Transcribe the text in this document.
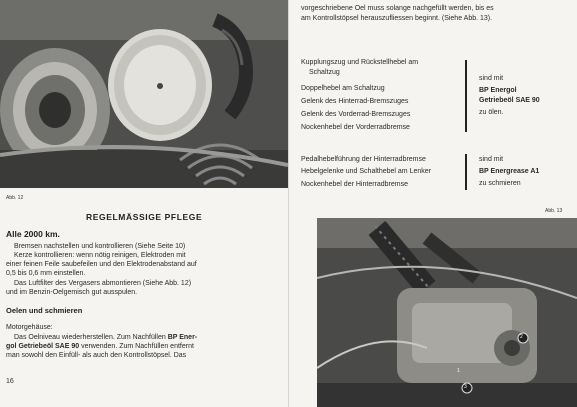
Abb. 12
REGELMÄSSIGE PFLEGE
Alle 2000 km.
Bremsen nachstellen und kontrollieren (Siehe Seite 10)
Kerze kontrollieren: wenn nötig reinigen, Elektroden mit
einer feinen Feile saubefeilen und den Elektrodenabstand auf
0,5 bis 0,6 mm einstellen.
Das Luftfilter des Vergasers abmontieren (Siehe Abb. 12)
und im Benzin-Oelgemisch gut ausspulen.
Oelen und schmieren
Motorgehäuse:
Das Oelniveau wiederherstellen. Zum Nachfüllen BP Ener-
gol Getriebeöl SAE 90 verwenden. Zum Nachfüllen entfernt
man sowohl den Einfüll- als auch den Kontrollstöpsel. Das
16
vorgeschriebene Oel muss solange nachgefüllt werden, bis es
am Kontrollstöpsel herauszufliessen beginnt. (Siehe Abb. 13).
Kupplungszug und Rückstellhebel am
Schaltzug
Doppelhebel am Schaltzug
Gelenk des Hinterrad-Bremszuges
Gelenk des Vorderrad-Bremszuges
Nockenhebel der Vorderradbremse
sind mit
BP Energol
Getriebeöl SAE 90
zu ölen.
Pedalhebelführung der Hinterradbremse
Hebelgelenke und Schalthebel am Lenker
Nockenhebel der Hinterradbremse
sind mit
BP Energrease A1
zu schmieren
Abb. 13
2
3
1
